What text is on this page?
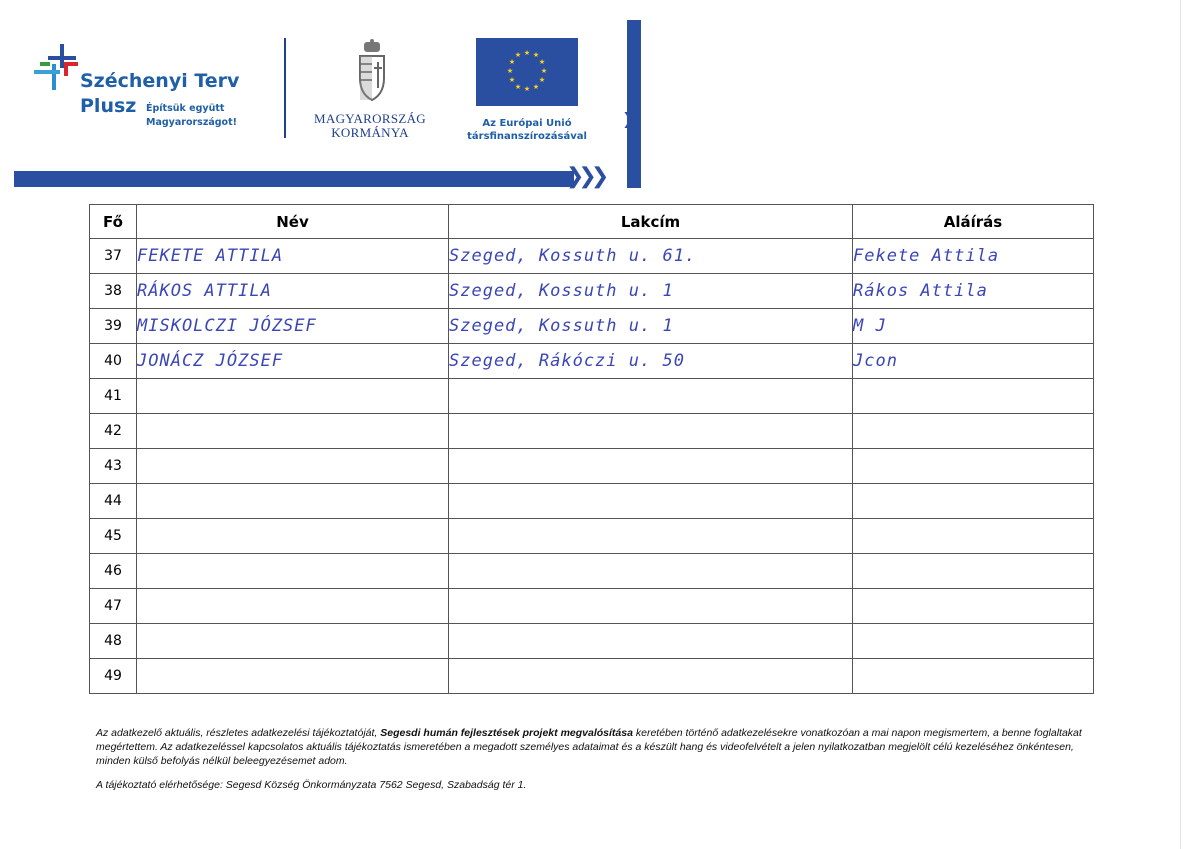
Széchenyi Terv
Plusz Építsük együtt Magyarországot!	MAGYARORSZÁG
KORMÁNYA
★ ★
★
★
★
★
★
★
★
★
★
★
Az Európai Unió
társfinanszírozásával
❯
❯❯❯
Fő	Név	Lakcím	Aláírás
37	FEKETE ATTILA	Szeged, Kossuth u. 61.	Fekete Attila
38	RÁKOS ATTILA	Szeged, Kossuth u. 1	Rákos Attila
39	MISKOLCZI JÓZSEF	Szeged, Kossuth u. 1	M J
40	JONÁCZ JÓZSEF	Szeged, Rákóczi u. 50	Jcon
41			
42			
43			
44			
45			
46			
47			
48			
49			
Az adatkezelő aktuális, részletes adatkezelési tájékoztatóját, Segesdi humán fejlesztések projekt megvalósítása keretében történő adatkezelésekre vonatkozóan a mai napon megismertem, a benne foglaltakat megértettem. Az adatkezeléssel kapcsolatos aktuális tájékoztatás ismeretében a megadott személyes adataimat és a készült hang és videofelvételt a jelen nyilatkozatban megjelölt célú kezeléséhez önkéntesen, minden külső befolyás nélkül beleegyezésemet adom.
A tájékoztató elérhetősége: Segesd Község Önkormányzata 7562 Segesd, Szabadság tér 1.
